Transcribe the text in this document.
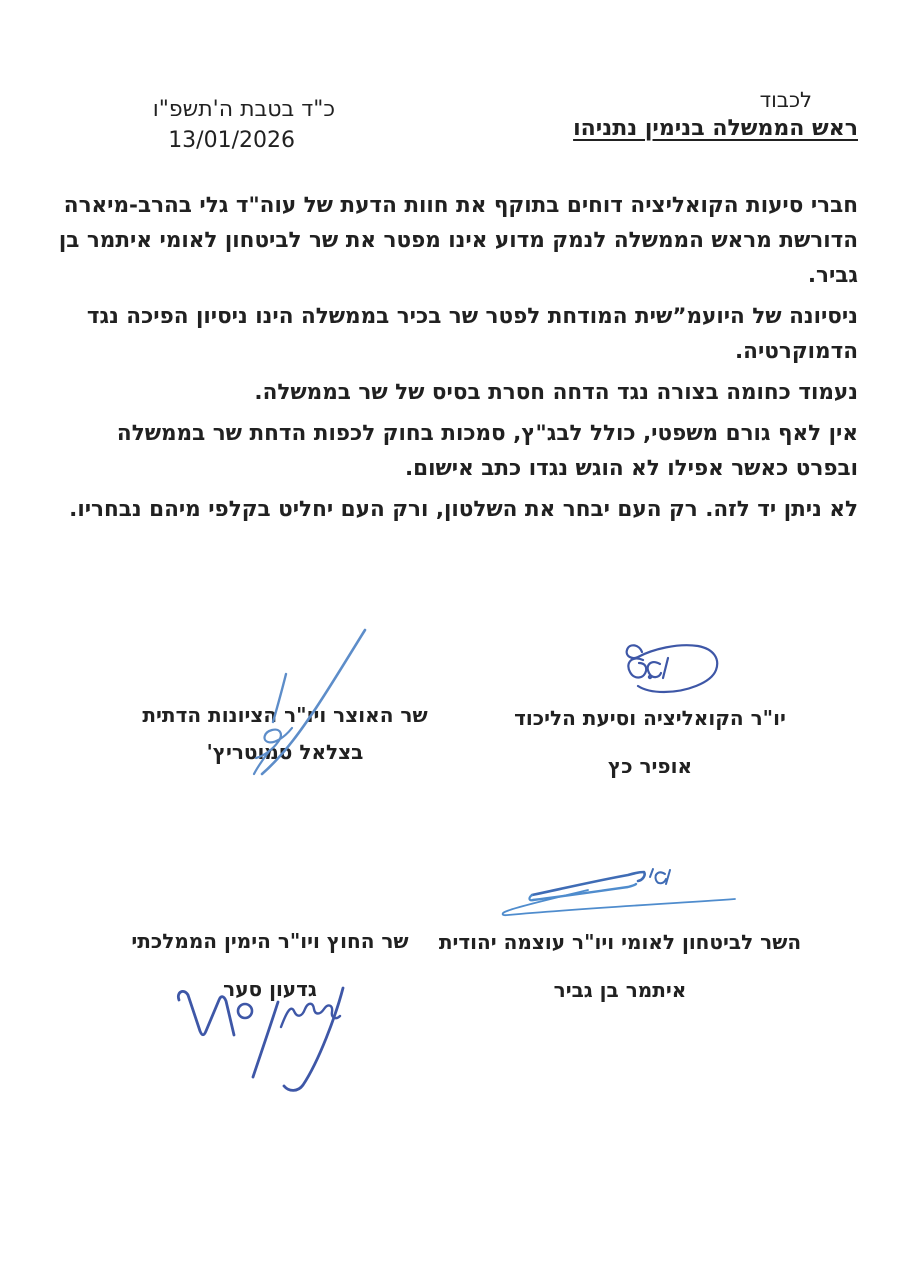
לכבוד
ראש הממשלה בנימין נתניהו
כ"ד בטבת ה'תשפ"ו
13/01/2026

חברי סיעות הקואליציה דוחים בתוקף את חוות הדעת של עוה"ד גלי בהרב-מיארה הדורשת מראש הממשלה לנמק מדוע אינו מפטר את שר לביטחון לאומי איתמר בן גביר.

ניסיונה של היועמ”שית המודחת לפטר שר בכיר בממשלה הינו ניסיון הפיכה נגד הדמוקרטיה.

נעמוד כחומה בצורה נגד הדחה חסרת בסיס של שר בממשלה.

אין לאף גורם משפטי, כולל לבג"ץ, סמכות בחוק לכפות הדחת שר בממשלה ובפרט כאשר אפילו לא הוגש נגדו כתב אישום.

לא ניתן יד לזה. רק העם יבחר את השלטון, ורק העם יחליט בקלפי מיהם נבחריו.

יו"ר הקואליציה וסיעת הליכוד
אופיר כץ
שר האוצר ויו"ר הציונות הדתית
בצלאל סמוטריץ'
השר לביטחון לאומי ויו"ר עוצמה יהודית
איתמר בן גביר
שר החוץ ויו"ר הימין הממלכתי
גדעון סער
